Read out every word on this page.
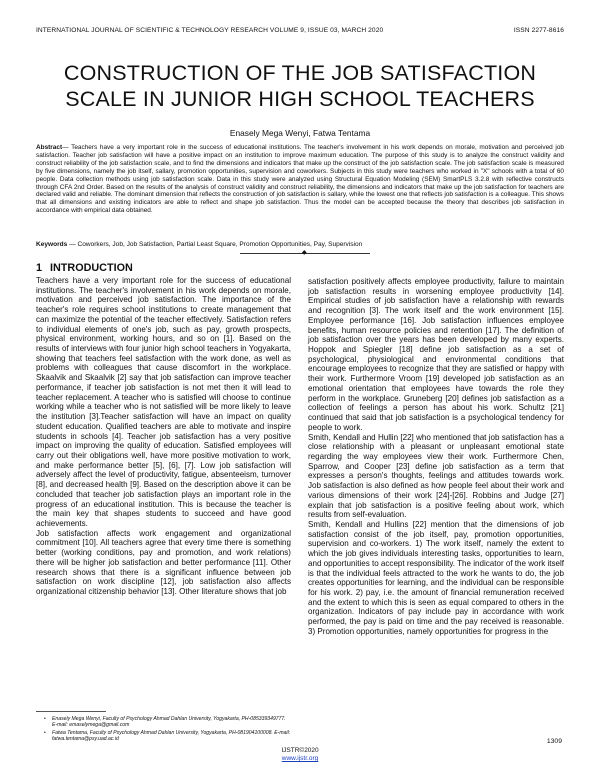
INTERNATIONAL JOURNAL OF SCIENTIFIC & TECHNOLOGY RESEARCH VOLUME 9, ISSUE 03, MARCH 2020	ISSN 2277-8616
CONSTRUCTION OF THE JOB SATISFACTION
SCALE IN JUNIOR HIGH SCHOOL TEACHERS
Enasely Mega Wenyi, Fatwa Tentama
Abstract— Teachers have a very important role in the success of educational institutions. The teacher's involvement in his work depends on morale, motivation and perceived job satisfaction. Teacher job satisfaction will have a positive impact on an institution to improve maximum education. The purpose of this study is to analyze the construct validity and construct reliability of the job satisfaction scale, and to find the dimensions and indicators that make up the construct of the job satisfaction scale. The job satisfaction scale is measured by five dimensions, namely the job itself, sallary, promotion opportunities, supervision and coworkers. Subjects in this study were teachers who worked in "X" schools with a total of 60 people. Data collection methods using job satisfaction scale. Data in this study were analyzed using Structural Equation Modeling (SEM) SmartPLS 3.2.8 with reflective constructs through CFA 2nd Order. Based on the results of the analysis of construct validity and construct reliability, the dimensions and indicators that make up the job satisfaction for teachers are declared valid and reliable. The dominant dimension that reflects the construction of job satisfaction is sallary, while the lowest one that reflects job satisfaction is a colleague. This shows that all dimensions and existing indicators are able to reflect and shape job satisfaction. Thus the model can be accepted because the theory that describes job satisfaction in accordance with empirical data obtained.
Keywords — Coworkers, Job, Job Satisfaction, Partial Least Square, Promotion Opportunities, Pay, Supervision
◆
1 INTRODUCTION

Teachers have a very important role for the success of educational institutions. The teacher's involvement in his work depends on morale, motivation and perceived job satisfaction. The importance of the teacher's role requires school institutions to create management that can maximize the potential of the teacher effectively. Satisfaction refers to individual elements of one's job, such as pay, growth prospects, physical environment, working hours, and so on [1]. Based on the results of interviews with four junior high school teachers in Yogyakarta, showing that teachers feel satisfaction with the work done, as well as problems with colleagues that cause discomfort in the workplace. Skaalvik and Skaalvik [2] say that job satisfaction can improve teacher performance, if teacher job satisfaction is not met then it will lead to teacher replacement. A teacher who is satisfied will choose to continue working while a teacher who is not satisfied will be more likely to leave the institution [3].Teacher satisfaction will have an impact on quality student education. Qualified teachers are able to motivate and inspire students in schools [4]. Teacher job satisfaction has a very positive impact on improving the quality of education. Satisfied employees will carry out their obligations well, have more positive motivation to work, and make performance better [5], [6], [7]. Low job satisfaction will adversely affect the level of productivity, fatigue, absenteeism, turnover [8], and decreased health [9]. Based on the description above it can be concluded that teacher job satisfaction plays an important role in the progress of an educational institution. This is because the teacher is the main key that shapes students to succeed and have good achievements.

Job satisfaction affects work engagement and organizational commitment [10]. All teachers agree that every time there is something better (working conditions, pay and promotion, and work relations) there will be higher job satisfaction and better performance [11]. Other research shows that there is a significant influence between job satisfaction on work discipline [12], job satisfaction also affects organizational citizenship behavior [13]. Other literature shows that job

satisfaction positively affects employee productivity, failure to maintain job satisfaction results in worsening employee productivity [14]. Empirical studies of job satisfaction have a relationship with rewards and recognition [3]. The work itself and the work environment [15]. Employee performance [16]. Job satisfaction influences employee benefits, human resource policies and retention [17]. The definition of job satisfaction over the years has been developed by many experts. Hoppok and Spiegler [18] define job satisfaction as a set of psychological, physiological and environmental conditions that encourage employees to recognize that they are satisfied or happy with their work. Furthermore Vroom [19] developed job satisfaction as an emotional orientation that employees have towards the role they perform in the workplace. Gruneberg [20] defines job satisfaction as a collection of feelings a person has about his work. Schultz [21] continued that said that job satisfaction is a psychological tendency for people to work.

Smith, Kendall and Hullin [22] who mentioned that job satisfaction has a close relationship with a pleasant or unpleasant emotional state regarding the way employees view their work. Furthermore Chen, Sparrow, and Cooper [23] define job satisfaction as a term that expresses a person's thoughts, feelings and attitudes towards work. Job satisfaction is also defined as how people feel about their work and various dimensions of their work [24]-[26]. Robbins and Judge [27] explain that job satisfaction is a positive feeling about work, which results from self-evaluation.

Smith, Kendall and Hullins [22] mention that the dimensions of job satisfaction consist of the job itself, pay, promotion opportunities, supervision and co-workers. 1) The work itself, namely the extent to which the job gives individuals interesting tasks, opportunities to learn, and opportunities to accept responsibility. The indicator of the work itself is that the individual feels attracted to the work he wants to do, the job creates opportunities for learning, and the individual can be responsible for his work. 2) pay, i.e. the amount of financial remuneration received and the extent to which this is seen as equal compared to others in the organization. Indicators of pay include pay in accordance with work performed, the pay is paid on time and the pay received is reasonable. 3) Promotion opportunities, namely opportunities for progress in the

• Enasely Mega Wenyi, Faculty of Psychology Ahmad Dahlan University, Yogyakarta, PH-085339349777. E-mail: emaselymega@gmail.com
• Fatwa Tentama, Faculty of Psychology Ahmad Dahlan University, Yogyakarta, PH-081904100008. E-mail: fatwa.tentama@psy.uad.ac.id	1309
IJSTR©2020
www.ijstr.org
